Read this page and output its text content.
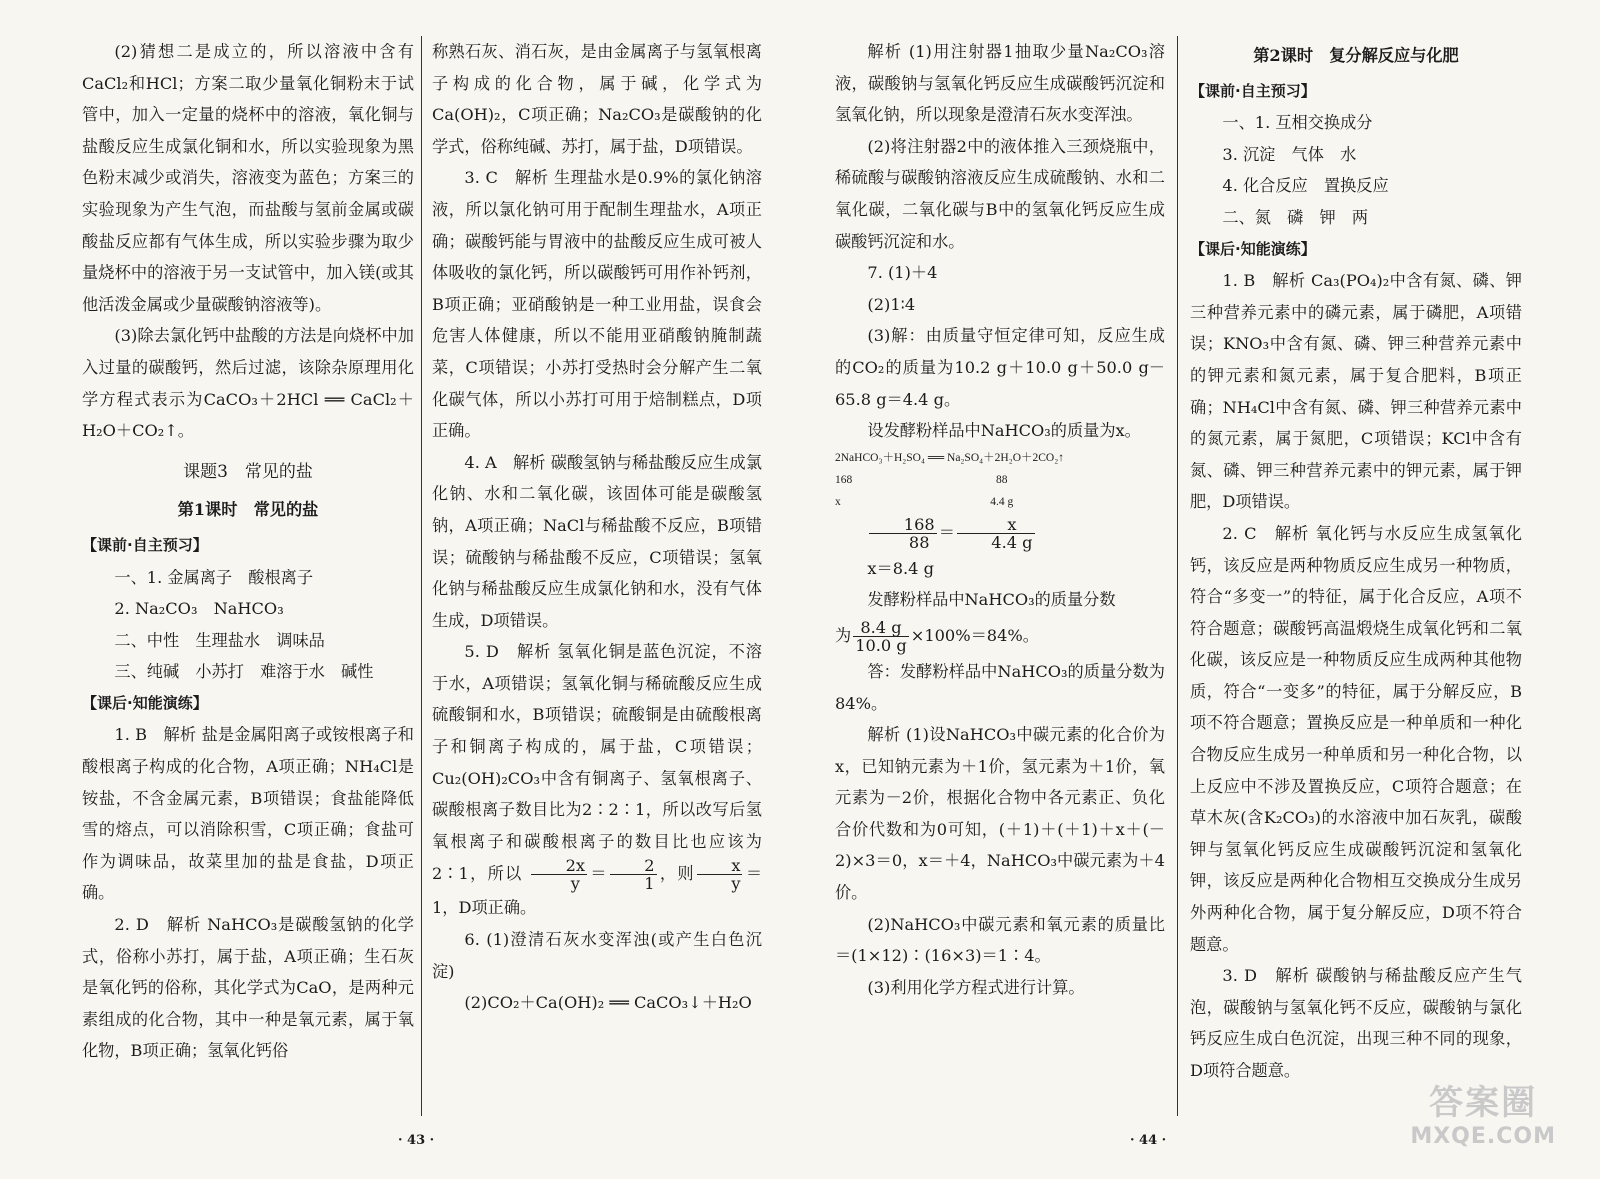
(2)猜想二是成立的，所以溶液中含有CaCl₂和HCl；方案二取少量氧化铜粉末于试管中，加入一定量的烧杯中的溶液，氧化铜与盐酸反应生成氯化铜和水，所以实验现象为黑色粉末减少或消失，溶液变为蓝色；方案三的实验现象为产生气泡，而盐酸与氢前金属或碳酸盐反应都有气体生成，所以实验步骤为取少量烧杯中的溶液于另一支试管中，加入镁(或其他活泼金属或少量碳酸钠溶液等)。

(3)除去氯化钙中盐酸的方法是向烧杯中加入过量的碳酸钙，然后过滤，该除杂原理用化学方程式表示为CaCO₃＋2HCl ══ CaCl₂＋H₂O＋CO₂↑。

课题3　常见的盐

第1课时　常见的盐

【课前·自主预习】

一、1. 金属离子　酸根离子

2. Na₂CO₃　NaHCO₃

二、中性　生理盐水　调味品

三、纯碱　小苏打　难溶于水　碱性

【课后·知能演练】

1. B　解析 盐是金属阳离子或铵根离子和酸根离子构成的化合物，A项正确；NH₄Cl是铵盐，不含金属元素，B项错误；食盐能降低雪的熔点，可以消除积雪，C项正确；食盐可作为调味品，故菜里加的盐是食盐，D项正确。

2. D　解析 NaHCO₃是碳酸氢钠的化学式，俗称小苏打，属于盐，A项正确；生石灰是氧化钙的俗称，其化学式为CaO，是两种元素组成的化合物，其中一种是氧元素，属于氧化物，B项正确；氢氧化钙俗

称熟石灰、消石灰，是由金属离子与氢氧根离子构成的化合物，属于碱，化学式为Ca(OH)₂，C项正确；Na₂CO₃是碳酸钠的化学式，俗称纯碱、苏打，属于盐，D项错误。

3. C　解析 生理盐水是0.9%的氯化钠溶液，所以氯化钠可用于配制生理盐水，A项正确；碳酸钙能与胃液中的盐酸反应生成可被人体吸收的氯化钙，所以碳酸钙可用作补钙剂，B项正确；亚硝酸钠是一种工业用盐，误食会危害人体健康，所以不能用亚硝酸钠腌制蔬菜，C项错误；小苏打受热时会分解产生二氧化碳气体，所以小苏打可用于焙制糕点，D项正确。

4. A　解析 碳酸氢钠与稀盐酸反应生成氯化钠、水和二氧化碳，该固体可能是碳酸氢钠，A项正确；NaCl与稀盐酸不反应，B项错误；硫酸钠与稀盐酸不反应，C项错误；氢氧化钠与稀盐酸反应生成氯化钠和水，没有气体生成，D项错误。

5. D　解析 氢氧化铜是蓝色沉淀，不溶于水，A项错误；氢氧化铜与稀硫酸反应生成硫酸铜和水，B项错误；硫酸铜是由硫酸根离子和铜离子构成的，属于盐，C项错误；Cu₂(OH)₂CO₃中含有铜离子、氢氧根离子、碳酸根离子数目比为2∶2∶1，所以改写后氢氧根离子和碳酸根离子的数目比也应该为2∶1，所以 $\frac{2x}{y} = \frac{2}{1}$ ，则 $\frac{x}{y} =1$，D项正确。

6. (1)澄清石灰水变浑浊(或产生白色沉淀)

(2)CO₂＋Ca(OH)₂ ══ CaCO₃↓＋H₂O

· 43 ·

解析 (1)用注射器1抽取少量Na₂CO₃溶液，碳酸钠与氢氧化钙反应生成碳酸钙沉淀和氢氧化钠，所以现象是澄清石灰水变浑浊。

(2)将注射器2中的液体推入三颈烧瓶中，稀硫酸与碳酸钠溶液反应生成硫酸钠、水和二氧化碳，二氧化碳与B中的氢氧化钙反应生成碳酸钙沉淀和水。

7. (1)＋4

(2)1∶4

(3)解：由质量守恒定律可知，反应生成的CO₂的质量为10.2 g＋10.0 g＋50.0 g－65.8 g＝4.4 g。

设发酵粉样品中NaHCO₃的质量为x。

2NaHCO₃＋H₂SO₄ ══ Na₂SO₄＋2H₂O＋2CO₂↑

168                                                  88

x                                                    4.4 g

$\frac{168}{88} = \frac{x}{4.4 g}$

x＝8.4 g

发酵粉样品中NaHCO₃的质量分数

为 $\frac{8.4 g}{10.0 g} \times 100\%=84\%$。

答：发酵粉样品中NaHCO₃的质量分数为84%。

解析 (1)设NaHCO₃中碳元素的化合价为x，已知钠元素为＋1价，氢元素为＋1价，氧元素为－2价，根据化合物中各元素正、负化合价代数和为0可知，(＋1)＋(＋1)＋x＋(－2)×3＝0，x＝＋4，NaHCO₃中碳元素为＋4价。

(2)NaHCO₃中碳元素和氧元素的质量比＝(1×12)∶(16×3)＝1∶4。

(3)利用化学方程式进行计算。

第2课时　复分解反应与化肥

【课前·自主预习】

一、1. 互相交换成分

3. 沉淀　气体　水

4. 化合反应　置换反应

二、氮　磷　钾　两

【课后·知能演练】

1. B　解析 Ca₃(PO₄)₂中含有氮、磷、钾三种营养元素中的磷元素，属于磷肥，A项错误；KNO₃中含有氮、磷、钾三种营养元素中的钾元素和氮元素，属于复合肥料，B项正确；NH₄Cl中含有氮、磷、钾三种营养元素中的氮元素，属于氮肥，C项错误；KCl中含有氮、磷、钾三种营养元素中的钾元素，属于钾肥，D项错误。

2. C　解析 氧化钙与水反应生成氢氧化钙，该反应是两种物质反应生成另一种物质，符合“多变一”的特征，属于化合反应，A项不符合题意；碳酸钙高温煅烧生成氧化钙和二氧化碳，该反应是一种物质反应生成两种其他物质，符合“一变多”的特征，属于分解反应，B项不符合题意；置换反应是一种单质和一种化合物反应生成另一种单质和另一种化合物，以上反应中不涉及置换反应，C项符合题意；在草木灰(含K₂CO₃)的水溶液中加石灰乳，碳酸钾与氢氧化钙反应生成碳酸钙沉淀和氢氧化钾，该反应是两种化合物相互交换成分生成另外两种化合物，属于复分解反应，D项不符合题意。

3. D　解析 碳酸钠与稀盐酸反应产生气泡，碳酸钠与氢氧化钙不反应，碳酸钠与氯化钙反应生成白色沉淀，出现三种不同的现象，D项符合题意。

· 44 ·
答案圈
MXQE.COM
